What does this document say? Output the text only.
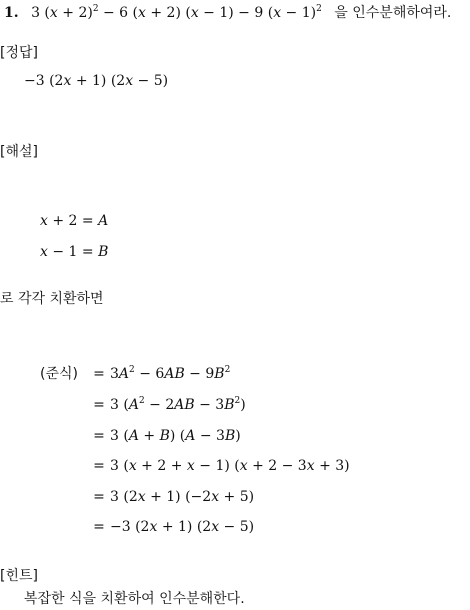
1. 3 $(x + 2)^2 - 6$ (x + 2) (x − 1) − 9 $(x - 1)^2$ 을 인수분해하여라.
[정답]
−3 (2x + 1) (2x − 5)
[해설]
x + 2 = A
x − 1 = B
로 각각 치환하면
(준식)	= $3A^2 - 6AB - 9B^2$
= 3 $(A^2 - 2AB - 3B^2)$
= 3 (A + B) (A − 3B)
= 3 (x + 2 + x − 1) (x + 2 − 3x + 3)
= 3 (2x + 1) (−2x + 5)
= −3 (2x + 1) (2x − 5)
[힌트]
복잡한 식을 치환하여 인수분해한다.
